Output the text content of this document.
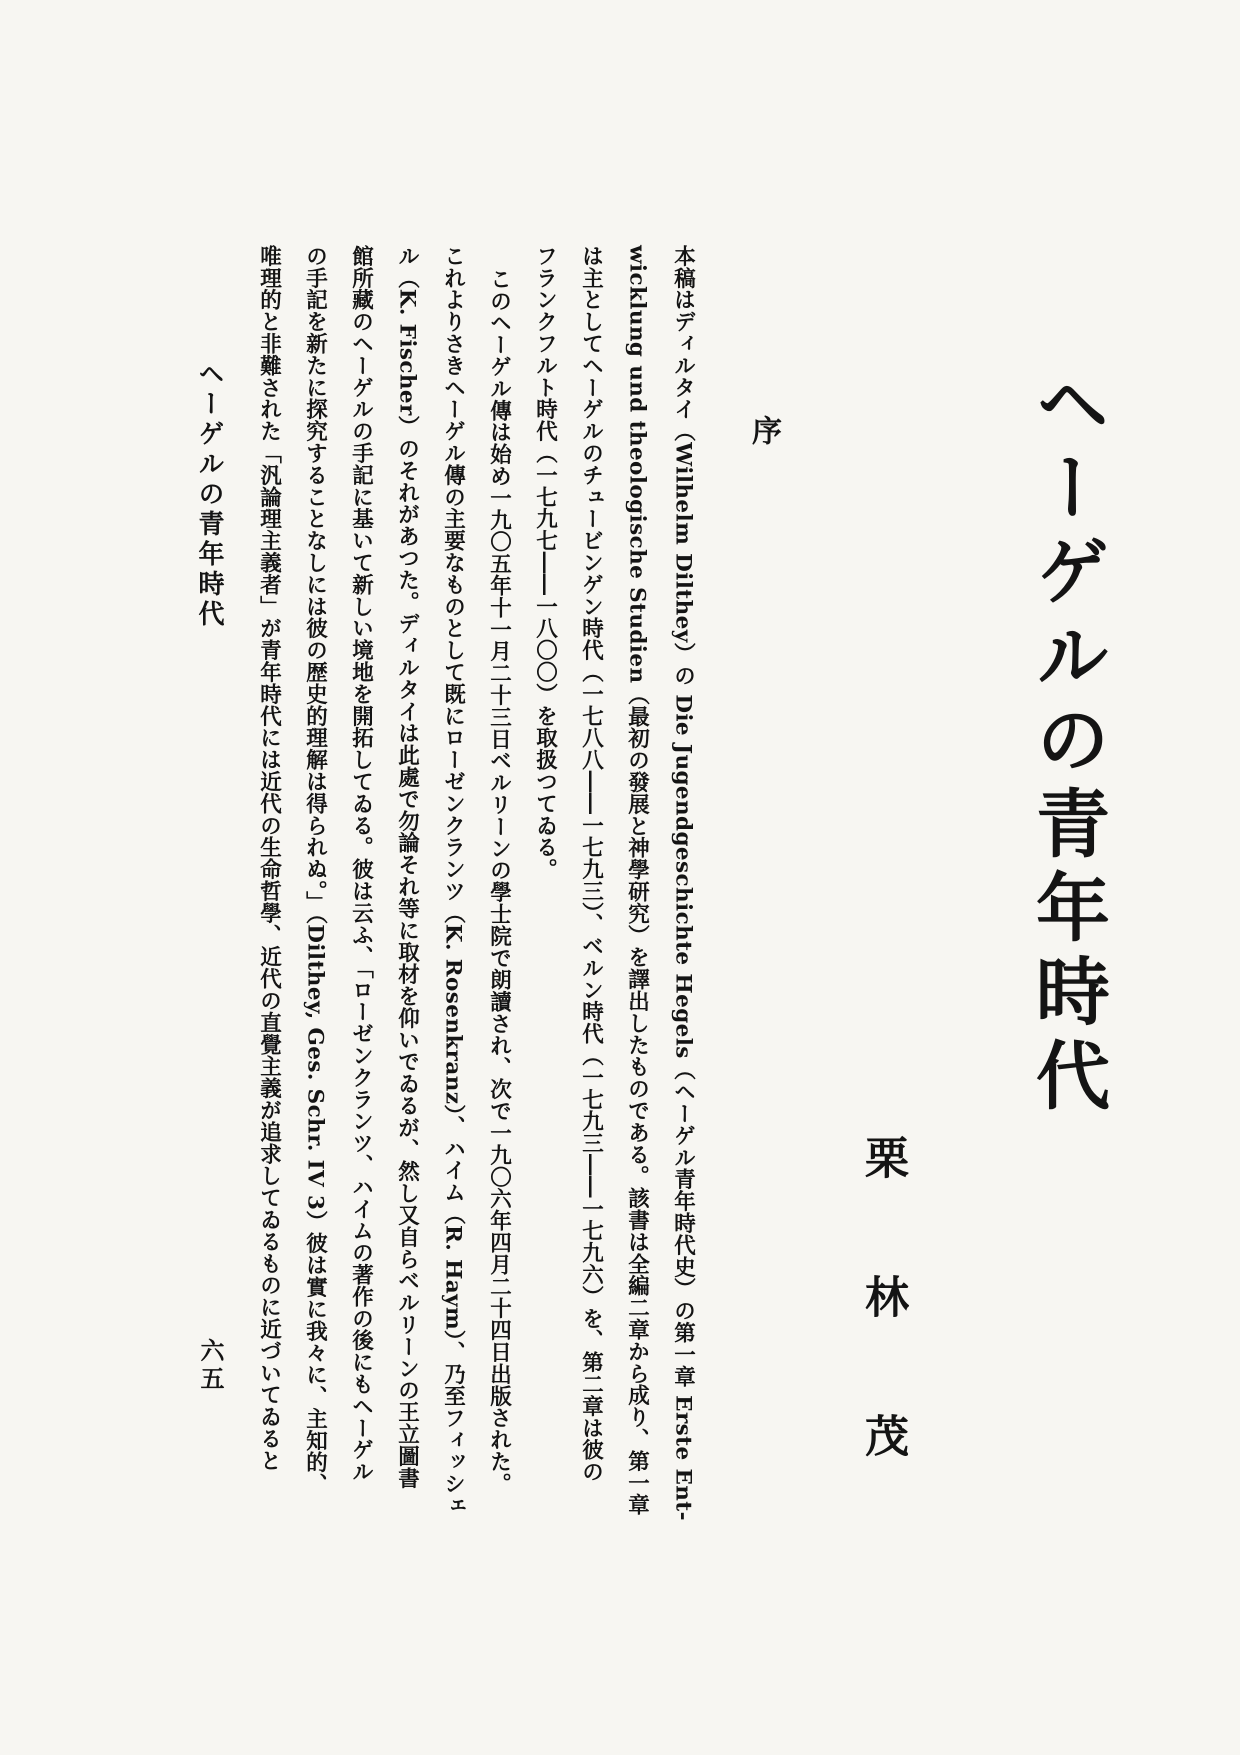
ヘーゲルの青年時代
栗林茂
序
本稿はディルタイ（Wilhelm Dilthey）の Die Jugendgeschichte Hegels（ヘーゲル青年時代史）の第一章 Erste Ent-
wicklung und theologische Studien（最初の發展と神學研究）を譯出したものである。該書は全編二章から成り、第一章
は主としてヘーゲルのチュービンゲン時代（一七八八――一七九三）、ベルン時代（一七九三――一七九六）を、第二章は彼の
フランクフルト時代（一七九七――一八〇〇）を取扱つてゐる。
このヘーゲル傳は始め一九〇五年十一月二十三日ベルリーンの學士院で朗讀され、次で一九〇六年四月二十四日出版された。
これよりさきヘーゲル傳の主要なものとして既にローゼンクランツ（K. Rosenkranz）、ハイム（R. Haym）、乃至フィッシェ
ル（K. Fischer）のそれがあつた。ディルタイは此處で勿論それ等に取材を仰いでゐるが、然し又自らベルリーンの王立圖書
館所藏のヘーゲルの手記に基いて新しい境地を開拓してゐる。彼は云ふ、「ローゼンクランツ、ハイムの著作の後にもヘーゲル
の手記を新たに探究することなしには彼の歴史的理解は得られぬ。」（Dilthey, Ges. Schr. IV 3）彼は實に我々に、主知的、
唯理的と非難された「汎論理主義者」が青年時代には近代の生命哲學、近代の直覺主義が追求してゐるものに近づいてゐると
ヘーゲルの青年時代
六五
